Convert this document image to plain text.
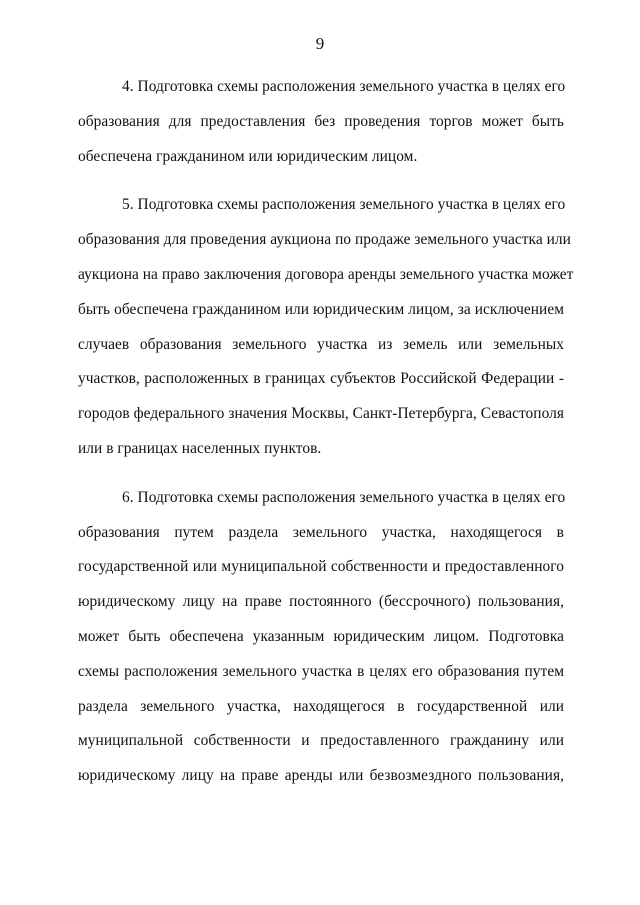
9

4. Подготовка схемы расположения земельного участка в целях его
образования для предоставления без проведения торгов может быть
обеспечена гражданином или юридическим лицом.

5. Подготовка схемы расположения земельного участка в целях его
образования для проведения аукциона по продаже земельного участка или
аукциона на право заключения договора аренды земельного участка может
быть обеспечена гражданином или юридическим лицом, за исключением
случаев образования земельного участка из земель или земельных
участков, расположенных в границах субъектов Российской Федерации -
городов федерального значения Москвы, Санкт-Петербурга, Севастополя
или в границах населенных пунктов.

6. Подготовка схемы расположения земельного участка в целях его
образования путем раздела земельного участка, находящегося в
государственной или муниципальной собственности и предоставленного
юридическому лицу на праве постоянного (бессрочного) пользования,
может быть обеспечена указанным юридическим лицом. Подготовка
схемы расположения земельного участка в целях его образования путем
раздела земельного участка, находящегося в государственной или
муниципальной собственности и предоставленного гражданину или
юридическому лицу на праве аренды или безвозмездного пользования,
